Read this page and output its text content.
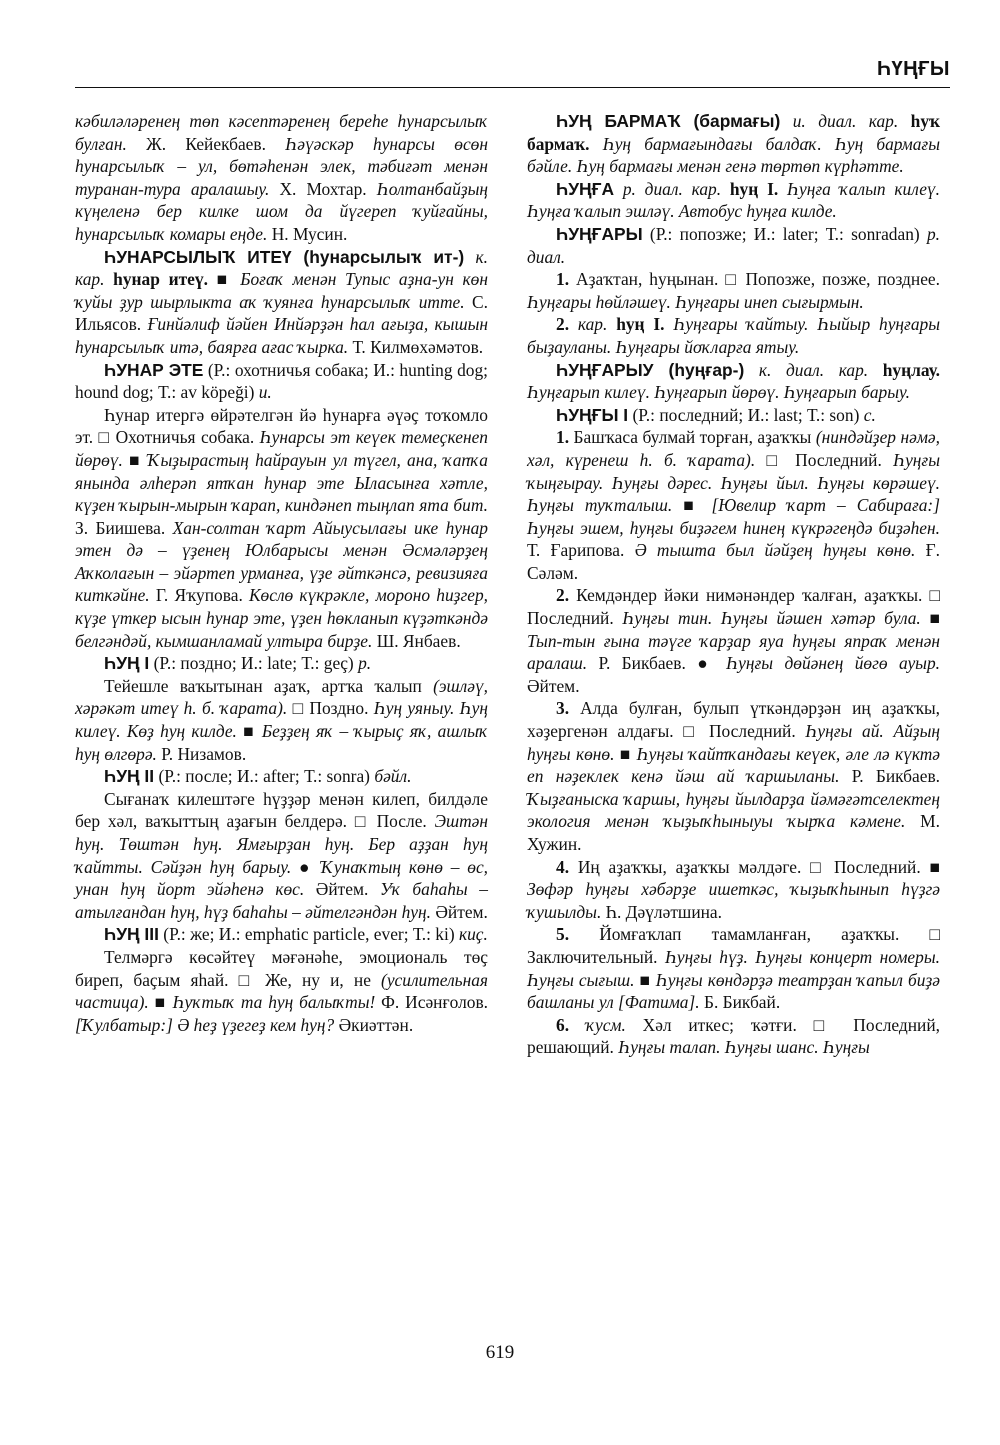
ҺҮҢҒЫ

кәбиләләренең төп кәсептәренең береһе һунарсылыҡ булған. Ж. Кейекбаев. Һәүәскәр һунарсы өсөн һунарсылыҡ – ул, бөтәһенән элек, тәбиғәт менән туранан-тура аралашыу. Х. Мохтар. Һолтанбайҙың күңеленә бер килке шом да йүгереп ҡуйғайны, һунарсылыҡ комары еңде. Н. Мусин.

ҺУНАРСЫЛЫҠ ИТЕҮ (һунарсылыҡ ит-) к. кар. һунар итеү. ■ Боғаҡ менән Тупыс аҙна-ун көн ҡуйы ҙур шырлыкта аҡ ҡуянға һунарсылыҡ итте. С. Ильясов. Ғинйәлиф йәйен Инйәрҙән һал ағыҙа, кышын һунарсылыҡ итә, баярға ағас ҡырка. Т. Килмөхәмәтов.

ҺУНАР ЭТЕ (Р.: охотничья собака; И.: hunting dog; hound dog; Т.: av köpeği) и.

Һунар итергә өйрәтелгән йә һунарға әүәҫ тоҡомло эт. □ Охотничья собака. Һунарсы эт кеүек темеҫкенеп йөрөү. ■ Ҡыҙырастың һайрауын ул түгел, ана, ҡапҡа янында әлһерәп ятҡан һунар эте Ыласынға хәтле, күҙен ҡырын-мырын ҡарап, киндәнеп тыңлап ята бит. З. Биишева. Хан-солтан ҡарт Айыусылағы ике һунар этен дә – үҙенең Юлбарысы менән Әсмәләрҙең Аҡколағын – эйәртеп урманға, үҙе әйткәнсә, ревизияға киткәйне. Г. Яҡупова. Көслө күкрәкле, мороно һиҙгер, күҙе үткер ысын һунар эте, үҙен һөкланып күҙәткәндә белгәндәй, кымшанламай ултыра бирҙе. Ш. Янбаев.

ҺУҢ I (Р.: поздно; И.: late; Т.: geç) р.

Тейешле ваҡытынан аҙаҡ, артҡа ҡалып (эшләү, хәрәкәт итеү һ. б. ҡарата). □ Поздно. Һуң уяныу. Һуң килеү. Көҙ һуң килде. ■ Беҙҙең яҡ – ҡырыҫ яҡ, ашлыҡ һуң өлгөрә. Р. Низамов.

ҺУҢ II (Р.: после; И.: after; Т.: sonra) бәйл.

Сығанаҡ килештәге һүҙҙәр менән килеп, билдәле бер хәл, ваҡыттың аҙағын белдерә. □ После. Эштән һуң. Төштән һуң. Ямғырҙан һуң. Бер аҙҙан һуң ҡайтты. Сәйҙән һуң барыу. ● Ҡунаҡтың көнө – өс, унан һуң йорт эйәһенә көс. Әйтем. Уҡ баһаһы – атылғандан һуң, һүҙ баһаһы – әйтелгәндән һуң. Әйтем.

ҺУҢ III (Р.: же; И.: emphatic particle, ever; Т.: ki) киҫ.

Телмәргә көсәйтеү мәғәнәһе, эмоциональ төҫ биреп, баҫым яһай. □ Же, ну и, не (усилительная частица). ■ Һуҡтыҡ та һуң балыҡты! Ф. Исәнғолов. [Ҡулбатыр:] Ә һеҙ үҙегеҙ кем һуң? Әкиәттән.

ҺУҢ БАРМАҠ (бармағы) и. диал. кар. һуҡ бармаҡ. Һуң бармағындағы балдаҡ. Һуң бармағы бәйле. Һуң бармағы менән генә төртөп күрһәтте.

ҺУҢҒА р. диал. кар. һуң I. Һуңға ҡалып килеү. Һуңға ҡалып эшләү. Автобус һуңға килде.

ҺУҢҒАРЫ (Р.: попозже; И.: later; Т.: sonradan) р. диал.

1. Аҙаҡтан, һуңынан. □ Попозже, позже, позднее. Һуңғары һөйләшеү. Һуңғары инеп сығырмын.

2. кар. һуң I. Һуңғары ҡайтыу. Һыйыр һуңғары быҙауланы. Һуңғары йоҡларға ятыу.

ҺУҢҒАРЫУ (һуңғар-) к. диал. кар. һуңлау. Һуңғарып килеү. Һуңғарып йөрөү. Һуңғарып барыу.

ҺУҢҒЫ I (Р.: последний; И.: last; Т.: son) с.

1. Башҡаса булмай торған, аҙаҡҡы (ниндәйҙер нәмә, хәл, күренеш һ. б. ҡарата). □ Последний. Һуңғы ҡыңғырау. Һуңғы дәрес. Һуңғы йыл. Һуңғы көрәшеү. Һуңғы туҡталыш. ■ [Ювелир ҡарт – Сабираға:] Һуңғы эшем, һуңғы биҙәгем һинең күкрәгеңдә биҙәһен. Т. Ғарипова. Ә тышта был йәйҙең һуңғы көнө. Ғ. Сәләм.

2. Кемдәндер йәки нимәнәндер ҡалған, аҙаҡҡы. □ Последний. Һуңғы тин. Һуңғы йәшен хәтәр була. ■ Тып-тын ғына тәүге ҡарҙар яуа һуңғы япраҡ менән аралаш. Р. Бикбаев. ● Һуңғы дөйәнең йөгө ауыр. Әйтем.

3. Алда булған, булып үткәндәрҙән иң аҙаҡҡы, хәҙергенән алдағы. □ Последний. Һуңғы ай. Айҙың һуңғы көнө. ■ Һуңғы ҡайтҡандағы кеүек, әле лә күктә еп нәҙеклек кенә йәш ай ҡаршыланы. Р. Бикбаев. Ҡыҙғаныска ҡаршы, һуңғы йылдарҙа йәмәғәтселектең экология менән ҡыҙыҡһыныуы ҡырҡа кәмене. М. Хужин.

4. Иң аҙаҡҡы, аҙаҡҡы мәлдәге. □ Последний. ■ Зөфәр һуңғы хәбәрҙе ишеткәс, ҡыҙыҡһынып һүҙгә ҡушылды. Һ. Дәүләтшина.

5. Йомғаҡлап тамамланған, аҙаҡҡы. □ Заключительный. Һуңғы һүҙ. Һуңғы концерт номеры. Һуңғы сығыш. ■ Һуңғы көндәрҙә театрҙан ҡапыл биҙә башланы ул [Фатима]. Б. Бикбай.

6. ҡусм. Хәл иткес; ҡәтғи. □ Последний, решающий. Һуңғы талап. Һуңғы шанс. Һуңғы

619
